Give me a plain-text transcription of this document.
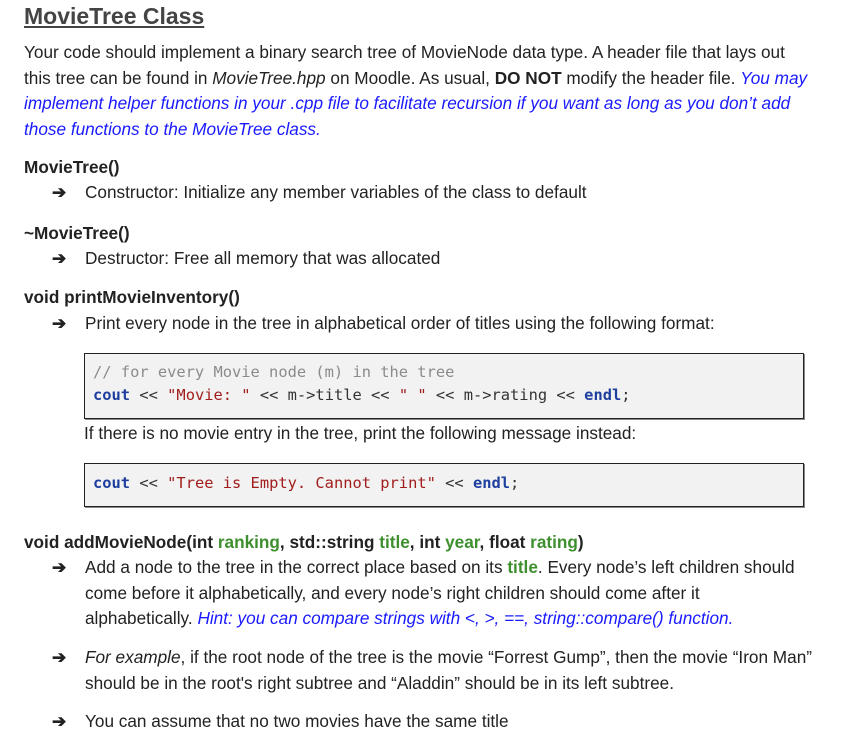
MovieTree Class

Your code should implement a binary search tree of MovieNode data type. A header file that lays out this tree can be found in MovieTree.hpp on Moodle. As usual, DO NOT modify the header file. You may implement helper functions in your .cpp file to facilitate recursion if you want as long as you don’t add those functions to the MovieTree class.

MovieTree()

➔	Constructor: Initialize any member variables of the class to default

~MovieTree()

➔	Destructor: Free all memory that was allocated

void printMovieInventory()

➔	Print every node in the tree in alphabetical order of titles using the following format:

// for every Movie node (m) in the tree
cout << "Movie: " << m->title << " " << m->rating << endl;

If there is no movie entry in the tree, print the following message instead:

cout << "Tree is Empty. Cannot print" << endl;

void addMovieNode(int ranking, std::string title, int year, float rating)

➔	Add a node to the tree in the correct place based on its title. Every node’s left children should come before it alphabetically, and every node’s right children should come after it alphabetically. Hint: you can compare strings with <, >, ==, string::compare() function.

➔	For example, if the root node of the tree is the movie “Forrest Gump”, then the movie “Iron Man” should be in the root's right subtree and “Aladdin” should be in its left subtree.

➔	You can assume that no two movies have the same title
